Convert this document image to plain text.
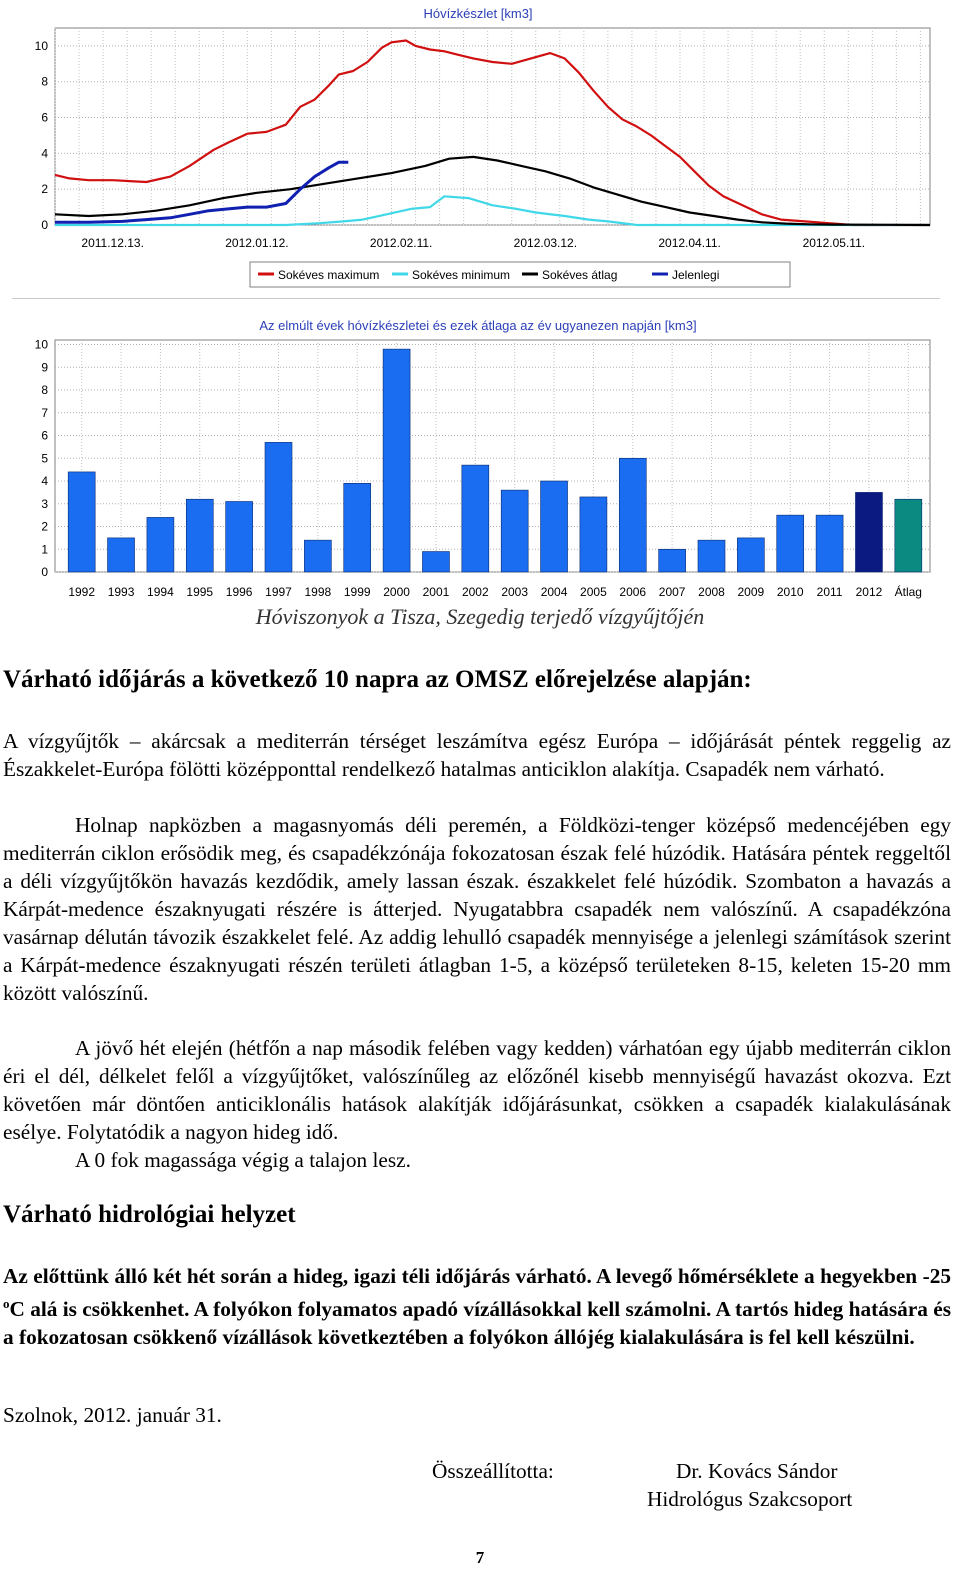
Hóvízkészlet [km3]
0
2
4
6
8
10
2011.12.13.	2012.01.12.	2012.02.11.	2012.03.12.	2012.04.11.	2012.05.11.
Sokéves maximum	Sokéves minimum	Sokéves átlag	Jelenlegi
Az elmúlt évek hóvízkészletei és ezek átlaga az év ugyanezen napján [km3]
0
1
2
3
4
5
6
7
8
9
10
1992 1993 1994 1995 1996 1997 1998 1999 2000 2001 2002 2003 2004 2005 2006 2007 2008 2009 2010 2011 2012 Átlag
Hóviszonyok a Tisza, Szegedig terjedő vízgyűjtőjén
Várható időjárás a következő 10 napra az OMSZ előrejelzése alapján:

A vízgyűjtők – akárcsak a mediterrán térséget leszámítva egész Európa – időjárását péntek reggelig az Északkelet-Európa fölötti középponttal rendelkező hatalmas anticiklon alakítja. Csapadék nem várható.

Holnap napközben a magasnyomás déli peremén, a Földközi-tenger középső medencéjében egy mediterrán ciklon erősödik meg, és csapadékzónája fokozatosan észak felé húzódik. Hatására péntek reggeltől a déli vízgyűjtőkön havazás kezdődik, amely lassan észak. északkelet felé húzódik. Szombaton a havazás a Kárpát-medence északnyugati részére is átterjed. Nyugatabbra csapadék nem valószínű. A csapadékzóna vasárnap délután távozik északkelet felé. Az addig lehulló csapadék mennyisége a jelenlegi számítások szerint a Kárpát-medence északnyugati részén területi átlagban 1-5, a középső területeken 8-15, keleten 15-20 mm között valószínű.

A jövő hét elején (hétfőn a nap második felében vagy kedden) várhatóan egy újabb mediterrán ciklon éri el dél, délkelet felől a vízgyűjtőket, valószínűleg az előzőnél kisebb mennyiségű havazást okozva. Ezt követően már döntően anticiklonális hatások alakítják időjárásunkat, csökken a csapadék kialakulásának esélye. Folytatódik a nagyon hideg idő.

A 0 fok magassága végig a talajon lesz.

Várható hidrológiai helyzet

Az előttünk álló két hét során a hideg, igazi téli időjárás várható. A levegő hőmérséklete a hegyekben -25 $^o$C alá is csökkenhet. A folyókon folyamatos apadó vízállásokkal kell számolni. A tartós hideg hatására és a fokozatosan csökkenő vízállások következtében a folyókon állójég kialakulására is fel kell készülni.

Szolnok, 2012. január 31.

Összeállította:	Dr. Kovács Sándor

Hidrológus Szakcsoport

7
